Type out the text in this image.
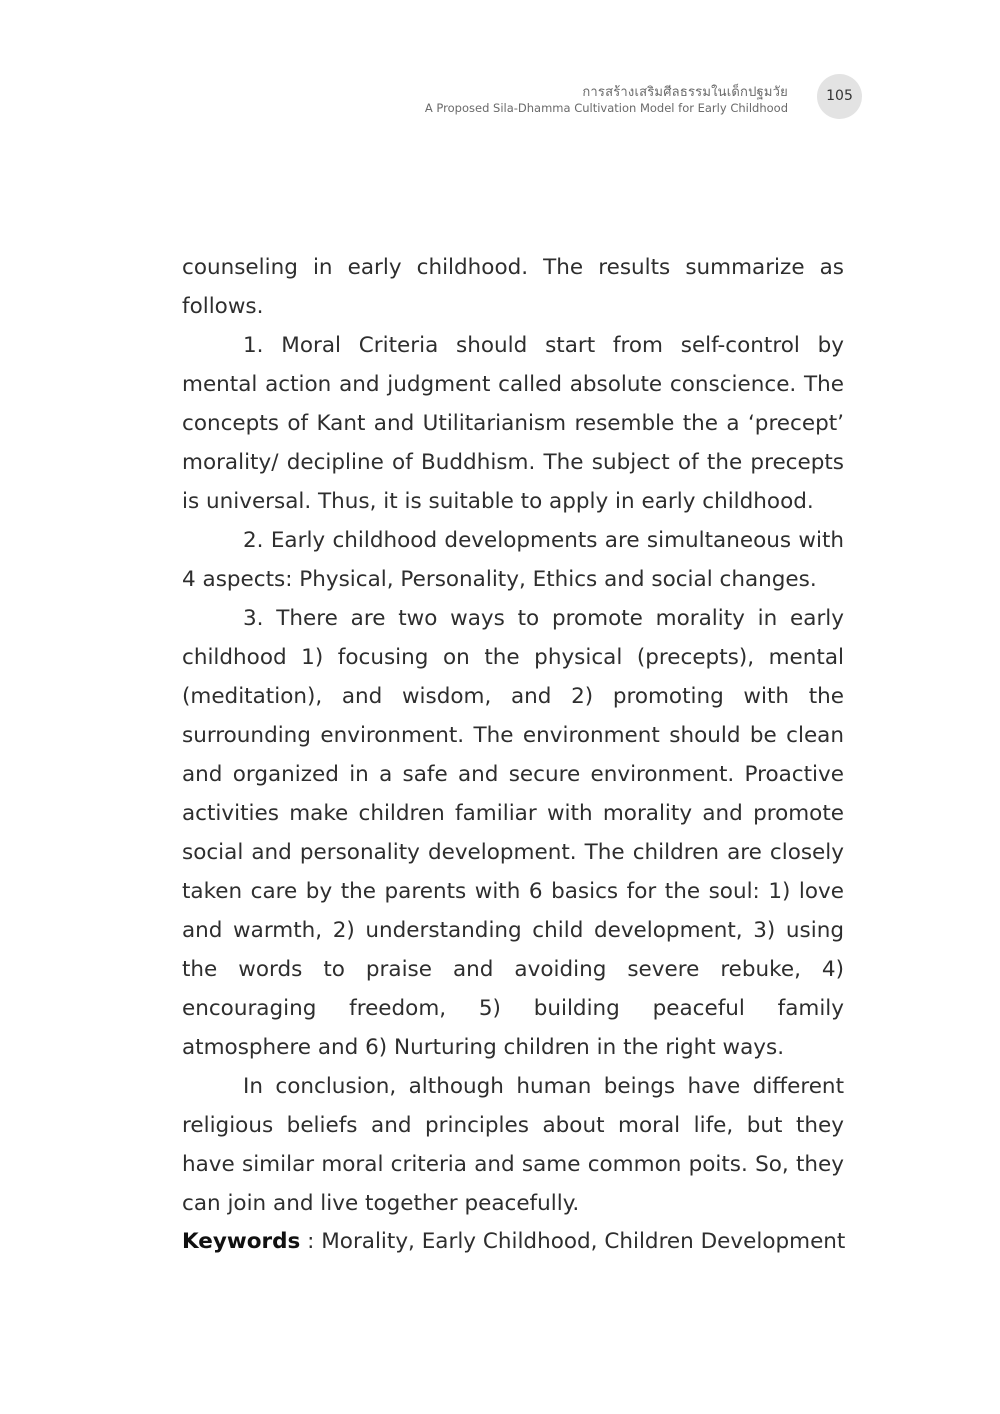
การสร้างเสริมศีลธรรมในเด็กปฐมวัย
A Proposed Sila-Dhamma Cultivation Model for Early Childhood
105

counseling in early childhood. The results summarize as follows.

1. Moral Criteria should start from self-control by mental action and judgment called absolute conscience. The concepts of Kant and Utilitarianism resemble the a ‘precept’ morality/ decipline of Buddhism. The subject of the precepts is universal. Thus, it is suitable to apply in early childhood.

2. Early childhood developments are simultaneous with 4 aspects: Physical, Personality, Ethics and social changes.

3. There are two ways to promote morality in early childhood 1) focusing on the physical (precepts), mental (meditation), and wisdom, and 2) promoting with the surrounding environment. The environment should be clean and organized in a safe and secure environment. Proactive activities make children familiar with morality and promote social and personality development. The children are closely taken care by the parents with 6 basics for the soul: 1) love and warmth, 2) understanding child development, 3) using the words to praise and avoiding severe rebuke, 4) encouraging freedom, 5) building peaceful family atmosphere and 6) Nurturing children in the right ways.

In conclusion, although human beings have different religious beliefs and principles about moral life, but they have similar moral criteria and same common poits. So, they can join and live together peacefully.

Keywords : Morality, Early Childhood, Children Development
